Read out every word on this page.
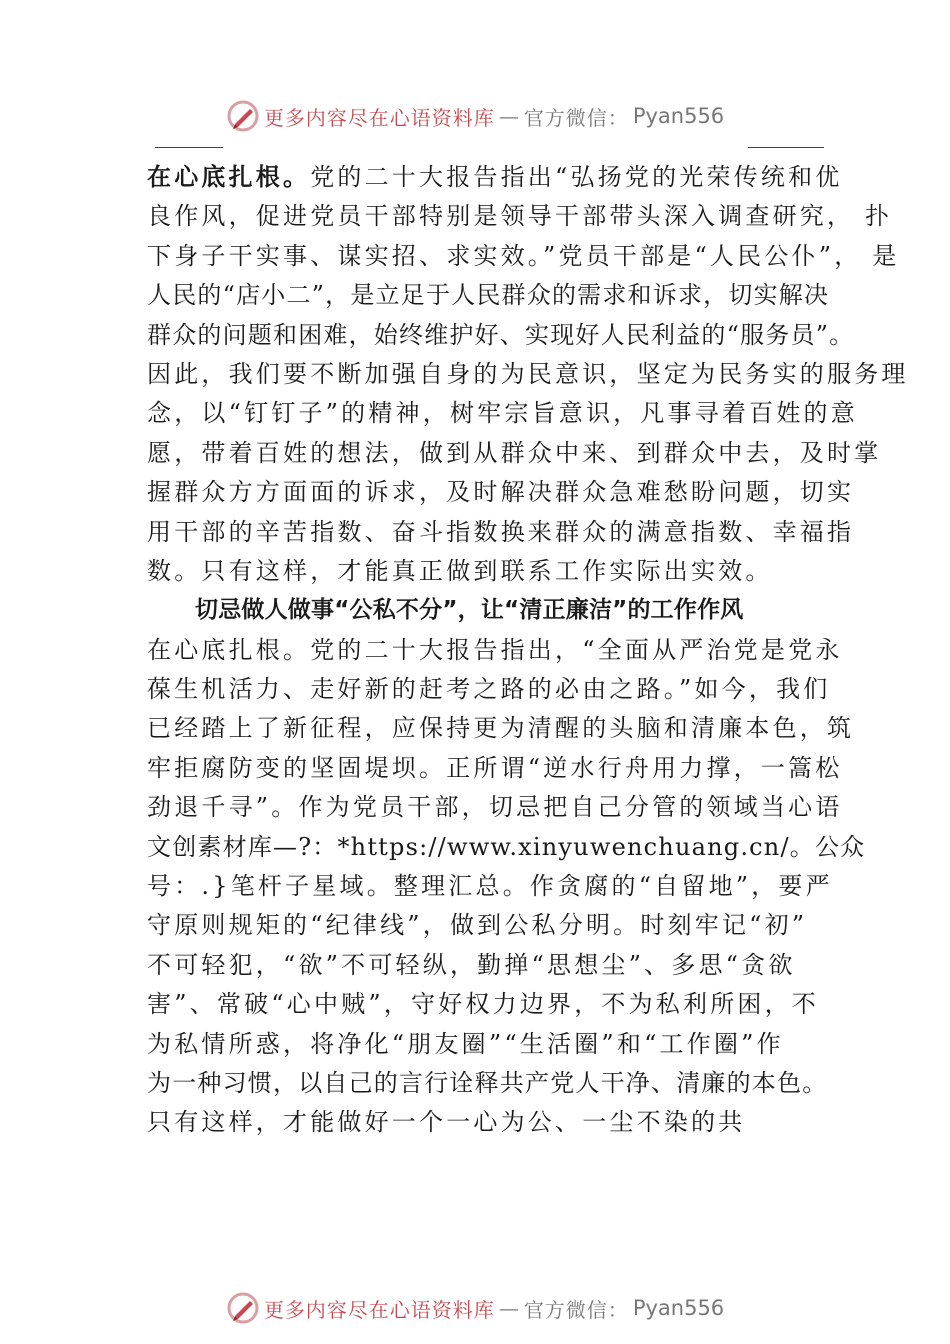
更多内容尽在心语资料库 — 官方微信： Pyan556
在心底扎根。党的二十大报告指出“弘扬党的光荣传统和优
良作风，促进党员干部特别是领导干部带头深入调查研究， 扑
下身子干实事、谋实招、求实效。”党员干部是“人民公仆”， 是
人民的“店小二”，是立足于人民群众的需求和诉求，切实解决
群众的问题和困难，始终维护好、实现好人民利益的“服务员”。
因此，我们要不断加强自身的为民意识，坚定为民务实的服务理
念，以“钉钉子”的精神，树牢宗旨意识，凡事寻着百姓的意
愿，带着百姓的想法，做到从群众中来、到群众中去，及时掌
握群众方方面面的诉求，及时解决群众急难愁盼问题，切实
用干部的辛苦指数、奋斗指数换来群众的满意指数、幸福指
数。只有这样，才能真正做到联系工作实际出实效。
切忌做人做事“公私不分”，让“清正廉洁”的工作作风
在心底扎根。党的二十大报告指出，“全面从严治党是党永
葆生机活力、走好新的赶考之路的必由之路。”如今，我们
已经踏上了新征程，应保持更为清醒的头脑和清廉本色，筑
牢拒腐防变的坚固堤坝。正所谓“逆水行舟用力撑，一篙松
劲退千寻”。作为党员干部，切忌把自己分管的领域当心语
文创素材库—?：*https://www.xinyuwenchuang.cn/。公众
号：.}笔杆子星域。整理汇总。作贪腐的“自留地”，要严
守原则规矩的“纪律线”，做到公私分明。时刻牢记“初”
不可轻犯，“欲”不可轻纵，勤掸“思想尘”、多思“贪欲
害”、常破“心中贼”，守好权力边界，不为私利所困，不
为私情所惑，将净化“朋友圈”“生活圈”和“工作圈”作
为一种习惯，以自己的言行诠释共产党人干净、清廉的本色。
只有这样，才能做好一个一心为公、一尘不染的共
更多内容尽在心语资料库 — 官方微信： Pyan556
